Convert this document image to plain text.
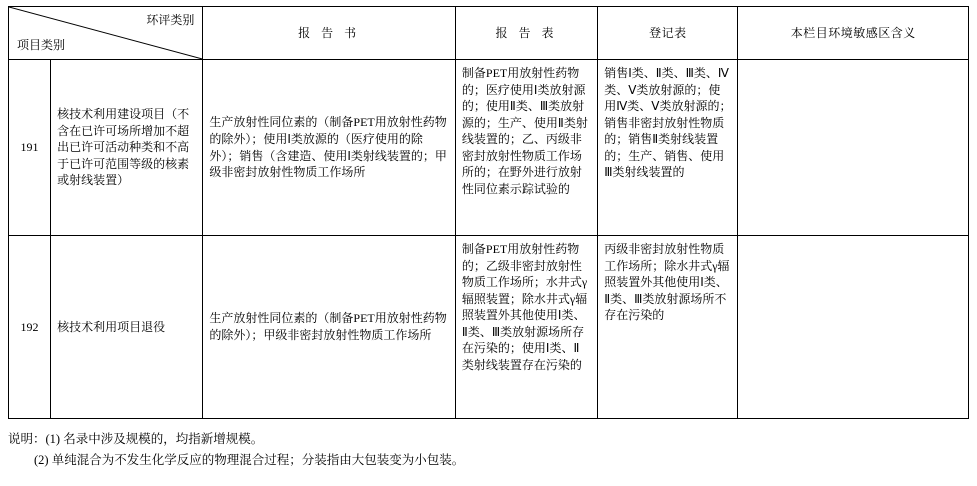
环评类别
项目类别		报 告 书	报 告 表	登记表	本栏目环境敏感区含义
191	核技术利用建设项目（不含在已许可场所增加不超出已许可活动种类和不高于已许可范围等级的核素或射线装置）	生产放射性同位素的（制备PET用放射性药物的除外）；使用Ⅰ类放源的（医疗使用的除外）；销售（含建造、使用Ⅰ类射线装置的；甲级非密封放射性物质工作场所	制备PET用放射性药物的；医疗使用Ⅰ类放射源的；使用Ⅱ类、Ⅲ类放射源的；生产、使用Ⅱ类射线装置的；乙、丙级非密封放射性物质工作场所的；在野外进行放射性同位素示踪试验的	销售Ⅰ类、Ⅱ类、Ⅲ类、Ⅳ类、Ⅴ类放射源的；使用Ⅳ类、Ⅴ类放射源的；销售非密封放射性物质的；销售Ⅱ类射线装置的；生产、销售、使用Ⅲ类射线装置的	
192	核技术利用项目退役	生产放射性同位素的（制备PET用放射性药物的除外）；甲级非密封放射性物质工作场所	制备PET用放射性药物的；乙级非密封放射性物质工作场所；水井式γ辐照装置；除水井式γ辐照装置外其他使用Ⅰ类、Ⅱ类、Ⅲ类放射源场所存在污染的；使用Ⅰ类、Ⅱ类射线装置存在污染的	丙级非密封放射性物质工作场所；除水井式γ辐照装置外其他使用Ⅰ类、Ⅱ类、Ⅲ类放射源场所不存在污染的	
说明：(1) 名录中涉及规模的，均指新增规模。
(2) 单纯混合为不发生化学反应的物理混合过程；分装指由大包装变为小包装。
